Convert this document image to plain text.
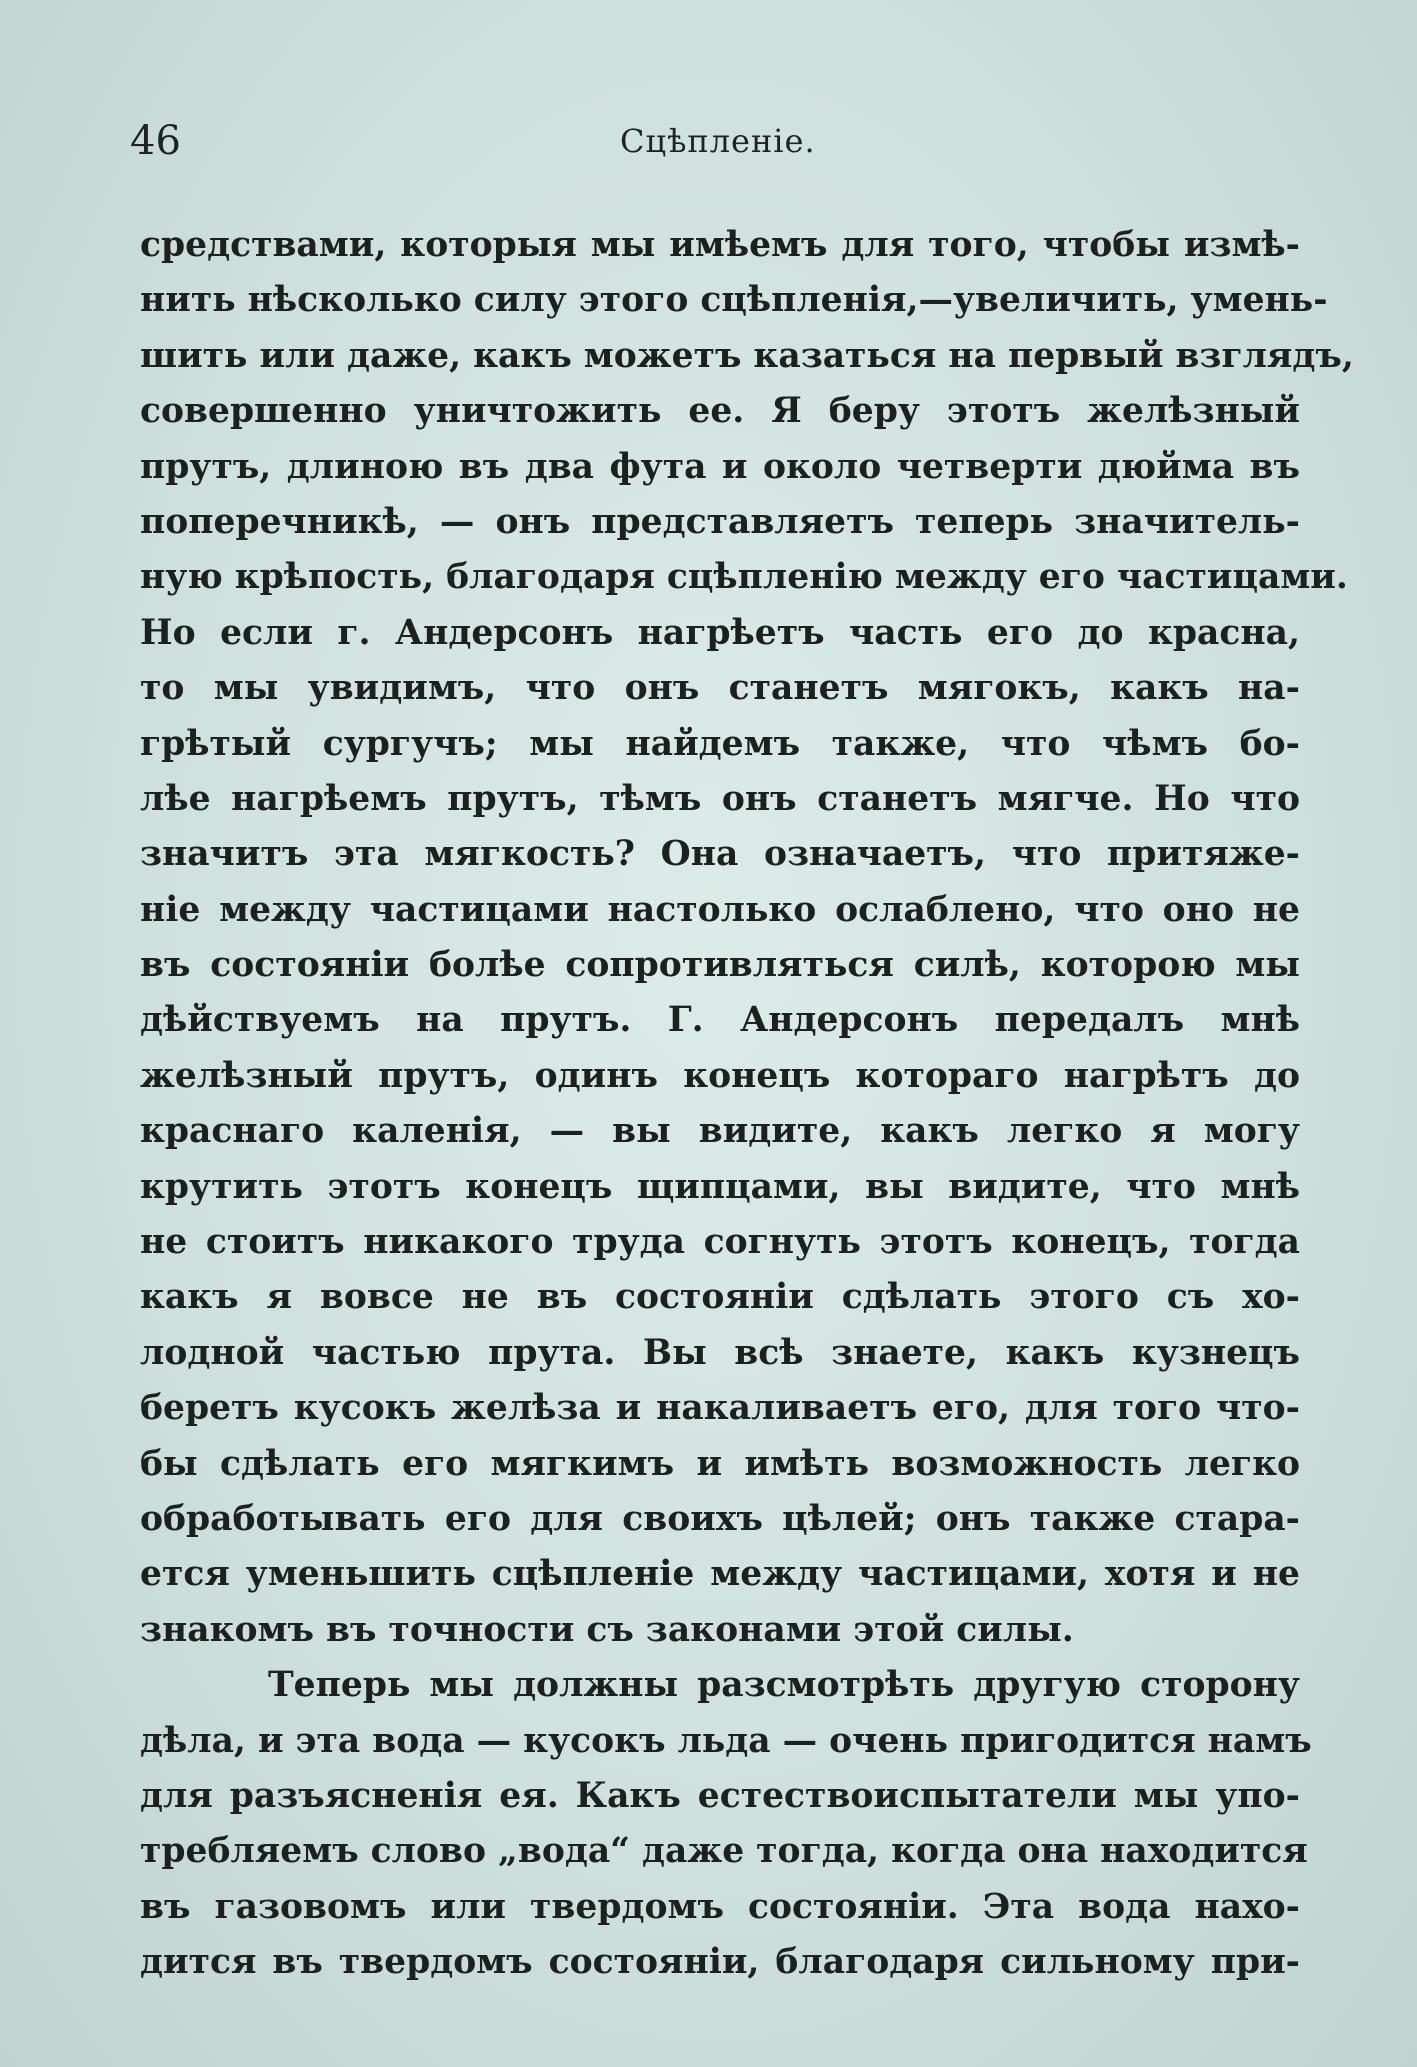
46	Сцѣпленіе.
средствами, которыя мы имѣемъ для того, чтобы измѣ-
нить нѣсколько силу этого сцѣпленія,—увеличить, умень-
шить или даже, какъ можетъ казаться на первый взглядъ,
совершенно уничтожить ее. Я беру этотъ желѣзный
прутъ, длиною въ два фута и около четверти дюйма въ
поперечникѣ, — онъ представляетъ теперь значитель-
ную крѣпость, благодаря сцѣпленію между его частицами.
Но если г. Андерсонъ нагрѣетъ часть его до красна,
то мы увидимъ, что онъ станетъ мягокъ, какъ на-
грѣтый сургучъ; мы найдемъ также, что чѣмъ бо-
лѣе нагрѣемъ прутъ, тѣмъ онъ станетъ мягче. Но что
значитъ эта мягкость? Она означаетъ, что притяже-
ніе между частицами настолько ослаблено, что оно не
въ состояніи болѣе сопротивляться силѣ, которою мы
дѣйствуемъ на прутъ. Г. Андерсонъ передалъ мнѣ
желѣзный прутъ, одинъ конецъ котораго нагрѣтъ до
краснаго каленія, — вы видите, какъ легко я могу
крутить этотъ конецъ щипцами, вы видите, что мнѣ
не стоитъ никакого труда согнуть этотъ конецъ, тогда
какъ я вовсе не въ состояніи сдѣлать этого съ хо-
лодной частью прута. Вы всѣ знаете, какъ кузнецъ
беретъ кусокъ желѣза и накаливаетъ его, для того что-
бы сдѣлать его мягкимъ и имѣть возможность легко
обработывать его для своихъ цѣлей; онъ также стара-
ется уменьшить сцѣпленіе между частицами, хотя и не
знакомъ въ точности съ законами этой силы.
Теперь мы должны разсмотрѣть другую сторону
дѣла, и эта вода — кусокъ льда — очень пригодится намъ
для разъясненія ея. Какъ естествоиспытатели мы упо-
требляемъ слово „вода“ даже тогда, когда она находится
въ газовомъ или твердомъ состояніи. Эта вода нахо-
дится въ твердомъ состояніи, благодаря сильному при-
